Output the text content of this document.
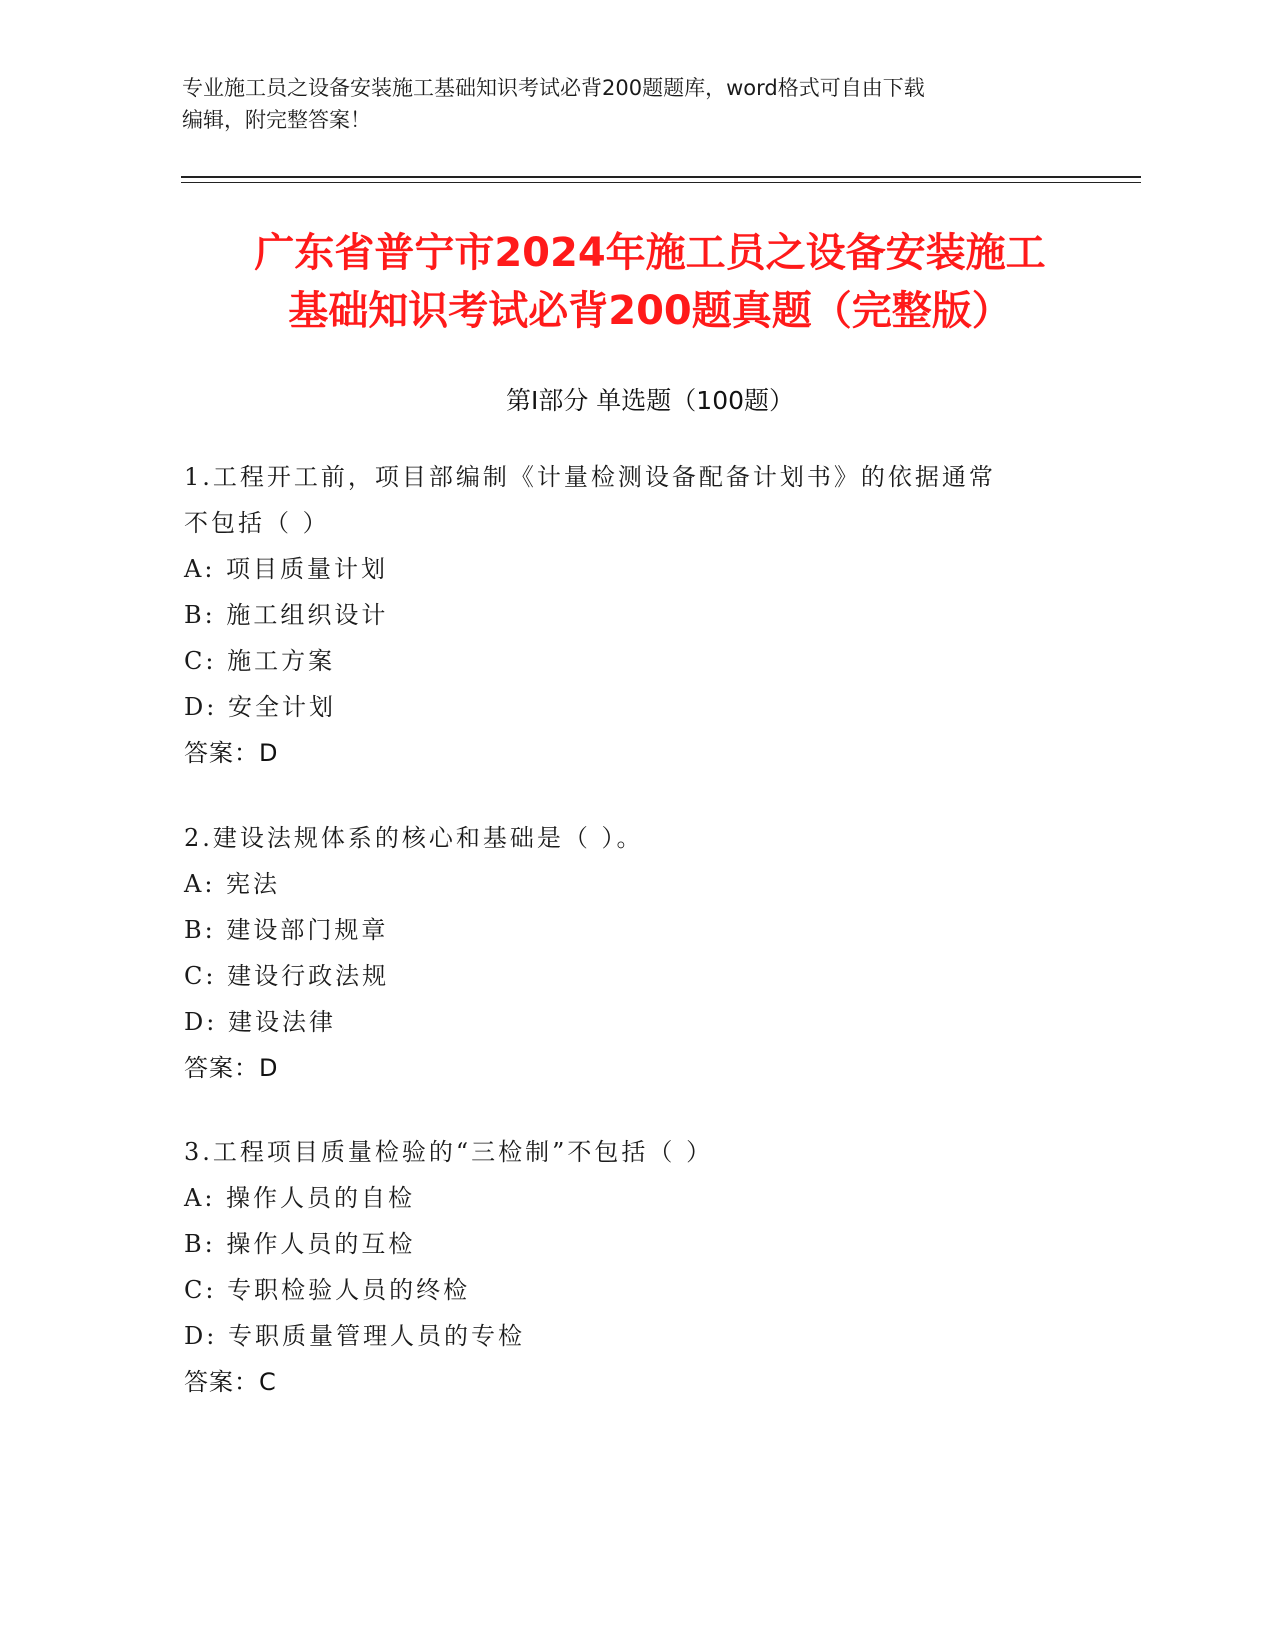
专业施工员之设备安装施工基础知识考试必背200题题库，word格式可自由下载
编辑，附完整答案！
广东省普宁市2024年施工员之设备安装施工
基础知识考试必背200题真题（完整版）
第Ⅰ部分 单选题（100题）
1.工程开工前，项目部编制《计量检测设备配备计划书》的依据通常
不包括（ ）
A: 项目质量计划
B: 施工组织设计
C: 施工方案
D: 安全计划
答案：D
2.建设法规体系的核心和基础是（ ）。
A: 宪法
B: 建设部门规章
C: 建设行政法规
D: 建设法律
答案：D
3.工程项目质量检验的“三检制”不包括（ ）
A: 操作人员的自检
B: 操作人员的互检
C: 专职检验人员的终检
D: 专职质量管理人员的专检
答案：C
